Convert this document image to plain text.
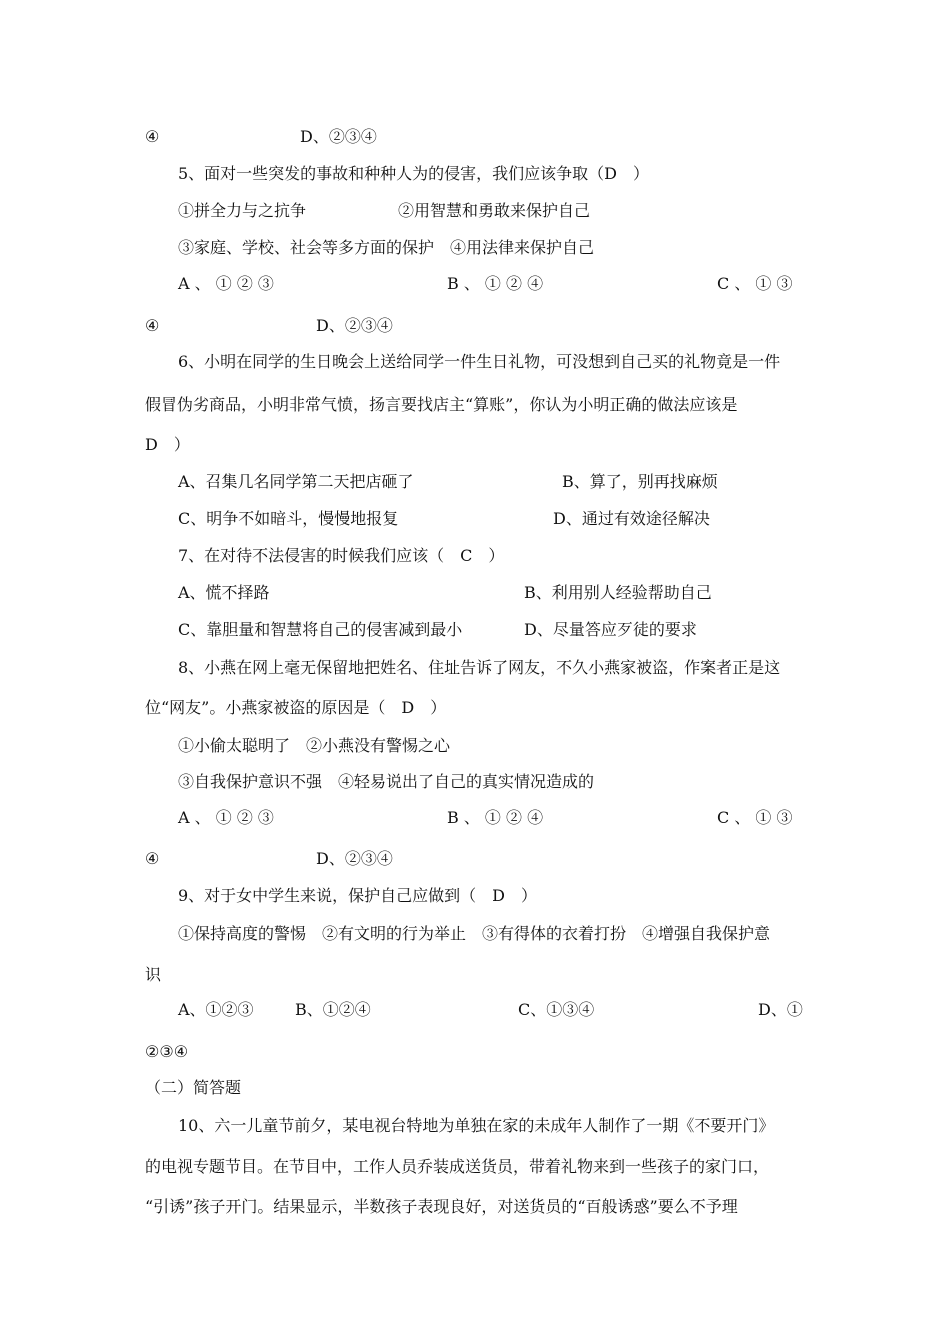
④	D、②③④
5、面对一些突发的事故和种种人为的侵害，我们应该争取（D　）
①拼全力与之抗争	②用智慧和勇敢来保护自己
③家庭、学校、社会等多方面的保护　④用法律来保护自己
A 、 ① ② ③	B 、 ① ② ④	C 、 ① ③
④	D、②③④
6、小明在同学的生日晚会上送给同学一件生日礼物，可没想到自己买的礼物竟是一件
假冒伪劣商品，小明非常气愤，扬言要找店主“算账”，你认为小明正确的做法应该是
D　）
A、召集几名同学第二天把店砸了	B、算了，别再找麻烦
C、明争不如暗斗，慢慢地报复	D、通过有效途径解决
7、在对待不法侵害的时候我们应该（　C　）
A、慌不择路	B、利用别人经验帮助自己
C、靠胆量和智慧将自己的侵害减到最小	D、尽量答应歹徒的要求
8、小燕在网上毫无保留地把姓名、住址告诉了网友，不久小燕家被盗，作案者正是这
位“网友”。小燕家被盗的原因是（　D　）
①小偷太聪明了　②小燕没有警惕之心
③自我保护意识不强　④轻易说出了自己的真实情况造成的
A 、 ① ② ③	B 、 ① ② ④	C 、 ① ③
④	D、②③④
9、对于女中学生来说，保护自己应做到（　D　）
①保持高度的警惕　②有文明的行为举止　③有得体的衣着打扮　④增强自我保护意
识
A、①②③	B、①②④	C、①③④	D、①
②③④
（二）简答题
10、六一儿童节前夕，某电视台特地为单独在家的未成年人制作了一期《不要开门》
的电视专题节目。在节目中，工作人员乔装成送货员，带着礼物来到一些孩子的家门口，
“引诱”孩子开门。结果显示，半数孩子表现良好，对送货员的“百般诱惑”要么不予理
